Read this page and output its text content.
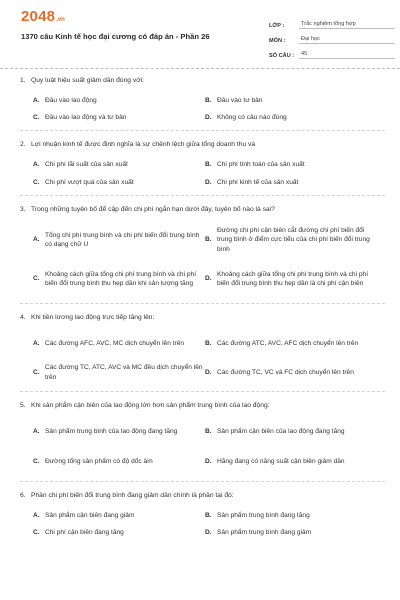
2048 .vn
1370 câu Kinh tế học đại cương có đáp án - Phần 26
LỚP :	Trắc nghiệm tổng hợp
MÔN :	Đại học
SỐ CÂU :	45
1. Quy luật hiệu suất giảm dần đúng với:
A. Đầu vào lao động	B. Đầu vào tư bản
C. Đầu vào lao động và tư bản	D. Không có câu nào đúng
2. Lợi nhuận kinh tế được định nghĩa là sự chênh lệch giữa tổng doanh thu và
A. Chi phí lãi suất của sản xuất	B. Chi phí tính toán của sản xuất
C. Chi phí vượt quá của sản xuất	D. Chi phí kinh tế của sản xuất
3. Trong những tuyên bố để cập đến chi phí ngắn hạn dưới đây, tuyên bố nào là sai?
A.
Tổng chi phí trung bình và chi phí biến đổi trung bình có dạng chữ U
B.
Đường chi phí cận biên cắt đường chi phí biến đổi trung bình ở điểm cực tiểu của chi phí biến đổi trung bình
C.
Khoảng cách giữa tổng chi phí trung bình và chi phí biến đổi trung bình thu hẹp dần khi sản lượng tăng
D.
Khoảng cách giữa tổng chi phí trung bình và chi phí biến đổi trung bình thu hẹp dần là chi phí cận biên
4. Khi tiền lương lao động trực tiếp tăng lên:
A. Các đường AFC, AVC, MC dịch chuyển lên trên	B. Các đường ATC, AVC, AFC dịch chuyển lên trên
C.
Các đường TC, ATC, AVC và MC đều dịch chuyển lên trên
D. Các đường TC, VC và FC dịch chuyển lên trên
5. Khi sản phẩm cận biên của lao động lớn hơn sản phẩm trung bình của lao động:
A. Sản phẩm trung bình của lao động đang tăng	B. Sản phẩm cận biên của lao động đang tăng
C. Đường tổng sản phẩm có độ dốc âm	D. Hãng đang có năng suất cận biên giảm dần
6. Phần chi phí biến đổi trung bình đang giảm dần chính là phần tại đó:
A. Sản phẩm cận biên đang giảm	B. Sản phẩm trung bình đang tăng
C. Chi phí cận biên đang tăng	D. Sản phẩm trung bình đang giảm
